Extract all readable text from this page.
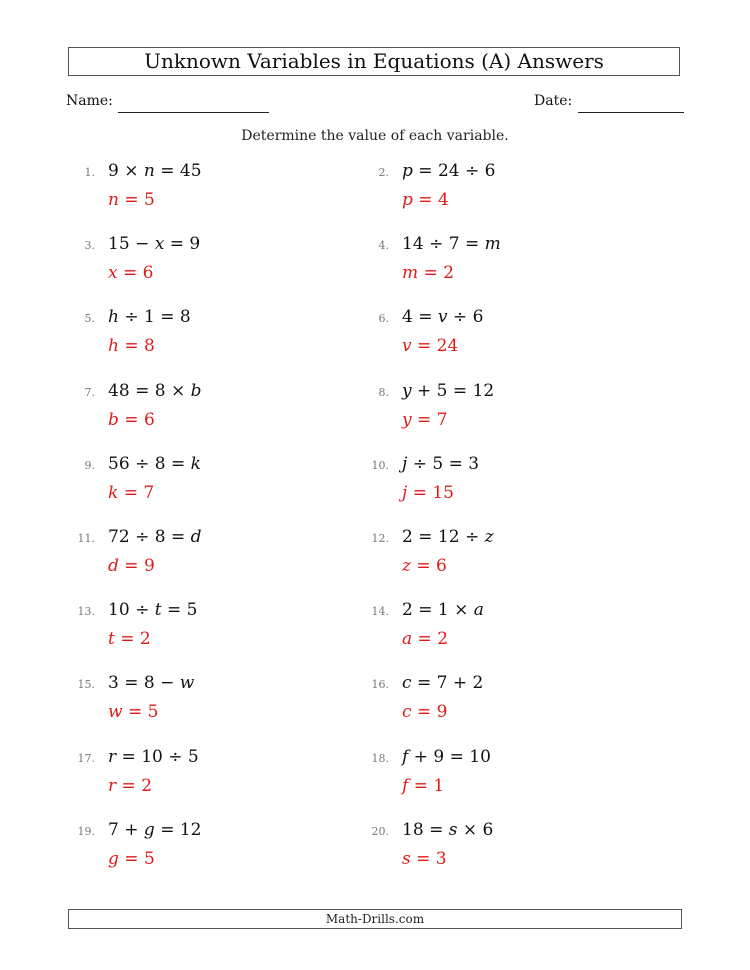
Unknown Variables in Equations (A) Answers
Name:	Date:
Determine the value of each variable.
1. 9 × n = 45
n = 5
2. p = 24 ÷ 6
p = 4
3. 15 − x = 9
x = 6
4. 14 ÷ 7 = m
m = 2
5. h ÷ 1 = 8
h = 8
6. 4 = v ÷ 6
v = 24
7. 48 = 8 × b
b = 6
8. y + 5 = 12
y = 7
9. 56 ÷ 8 = k
k = 7
10. j ÷ 5 = 3
j = 15
11. 72 ÷ 8 = d
d = 9
12. 2 = 12 ÷ z
z = 6
13. 10 ÷ t = 5
t = 2
14. 2 = 1 × a
a = 2
15. 3 = 8 − w
w = 5
16. c = 7 + 2
c = 9
17. r = 10 ÷ 5
r = 2
18. f + 9 = 10
f = 1
19. 7 + g = 12
g = 5
20. 18 = s × 6
s = 3
Math-Drills.com
